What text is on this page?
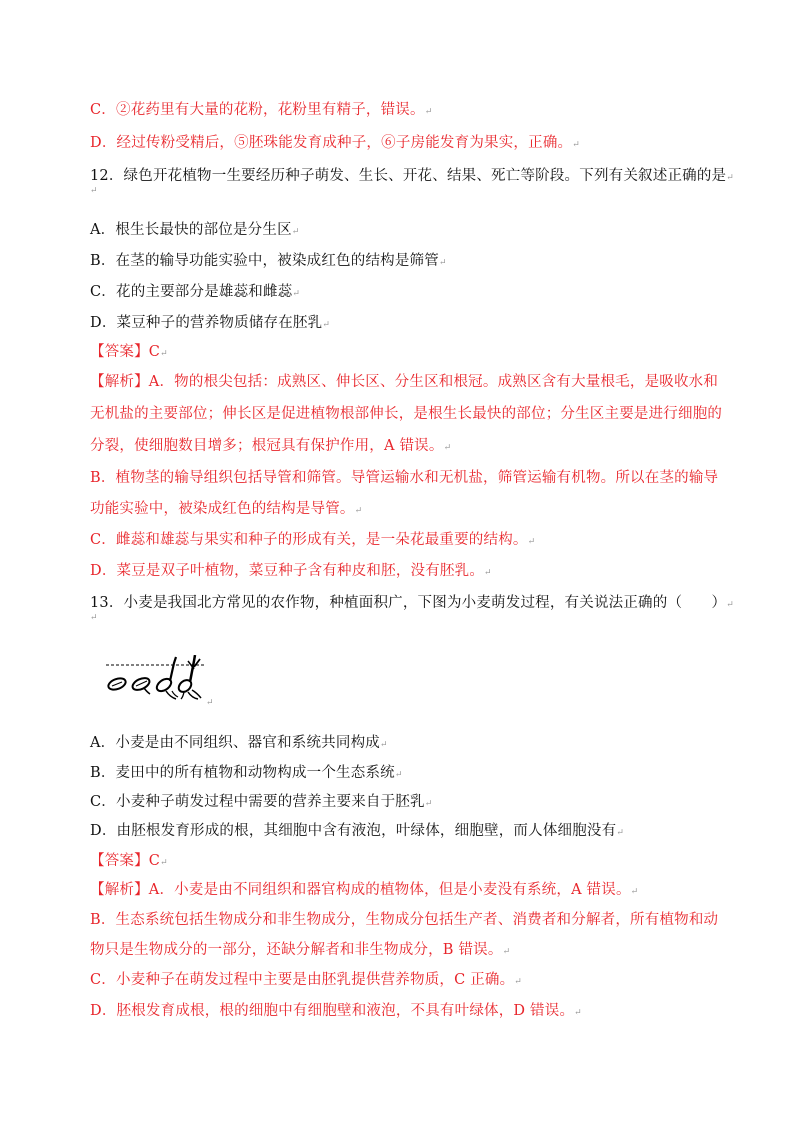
C．②花药里有大量的花粉，花粉里有精子，错误。↵
D．经过传粉受精后，⑤胚珠能发育成种子，⑥子房能发育为果实，正确。↵
12．绿色开花植物一生要经历种子萌发、生长、开花、结果、死亡等阶段。下列有关叙述正确的是↵
↵
A．根生长最快的部位是分生区↵
B．在茎的输导功能实验中，被染成红色的结构是筛管↵
C．花的主要部分是雄蕊和雌蕊↵
D．菜豆种子的营养物质储存在胚乳↵
【答案】C↵
【解析】A．物的根尖包括：成熟区、伸长区、分生区和根冠。成熟区含有大量根毛，是吸收水和
无机盐的主要部位；伸长区是促进植物根部伸长，是根生长最快的部位；分生区主要是进行细胞的
分裂，使细胞数目增多；根冠具有保护作用，A 错误。↵
B．植物茎的输导组织包括导管和筛管。导管运输水和无机盐，筛管运输有机物。所以在茎的输导
功能实验中，被染成红色的结构是导管。↵
C．雌蕊和雄蕊与果实和种子的形成有关，是一朵花最重要的结构。↵
D．菜豆是双子叶植物，菜豆种子含有种皮和胚，没有胚乳。↵
13．小麦是我国北方常见的农作物，种植面积广，下图为小麦萌发过程，有关说法正确的（　　）↵
↵
↵
A．小麦是由不同组织、器官和系统共同构成↵
B．麦田中的所有植物和动物构成一个生态系统↵
C．小麦种子萌发过程中需要的营养主要来自于胚乳↵
D．由胚根发育形成的根，其细胞中含有液泡，叶绿体，细胞壁，而人体细胞没有↵
【答案】C↵
【解析】A．小麦是由不同组织和器官构成的植物体，但是小麦没有系统，A 错误。↵
B．生态系统包括生物成分和非生物成分，生物成分包括生产者、消费者和分解者，所有植物和动
物只是生物成分的一部分，还缺分解者和非生物成分，B 错误。↵
C．小麦种子在萌发过程中主要是由胚乳提供营养物质，C 正确。↵
D．胚根发育成根，根的细胞中有细胞壁和液泡，不具有叶绿体，D 错误。↵
